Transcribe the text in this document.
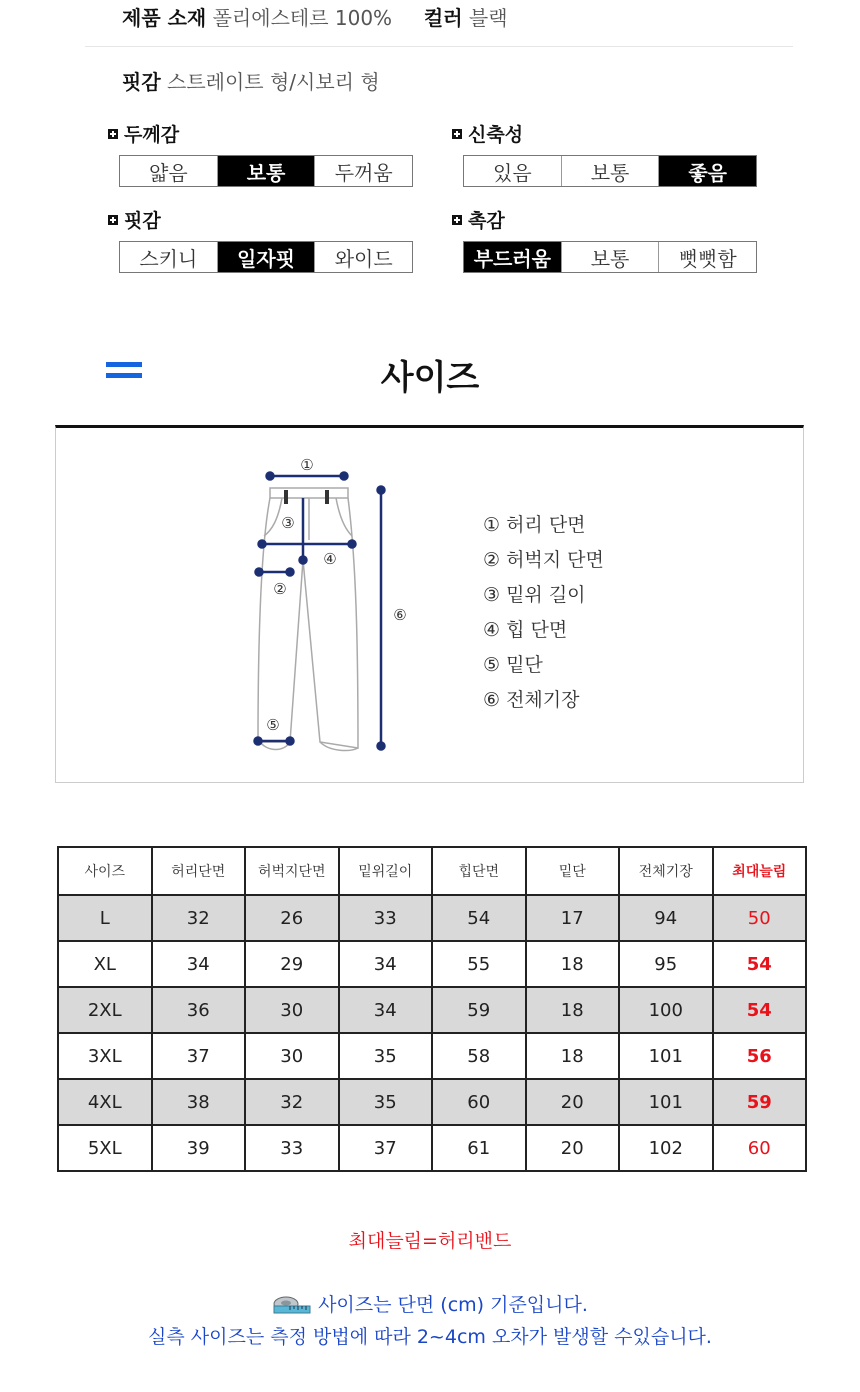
제품 소재 폴리에스테르 100% 컬러 블랙
핏감 스트레이트 형/시보리 형
두께감
얇음	보통	두꺼움
신축성
있음	보통	좋음
핏감
스키니	일자핏	와이드
촉감
부드러움	보통	뻣뻣함
사이즈
①
②
③
④
⑤
⑥
① 허리 단면
② 허벅지 단면
③ 밑위 길이
④ 힙 단면
⑤ 밑단
⑥ 전체기장
사이즈	허리단면	허벅지단면	밑위길이	힙단면	밑단	전체기장	최대늘림
L	32	26	33	54	17	94	50
XL	34	29	34	55	18	95	54
2XL	36	30	34	59	18	100	54
3XL	37	30	35	58	18	101	56
4XL	38	32	35	60	20	101	59
5XL	39	33	37	61	20	102	60
최대늘림=허리밴드
사이즈는 단면 (cm) 기준입니다.
실측 사이즈는 측정 방법에 따라 2~4cm 오차가 발생할 수있습니다.
